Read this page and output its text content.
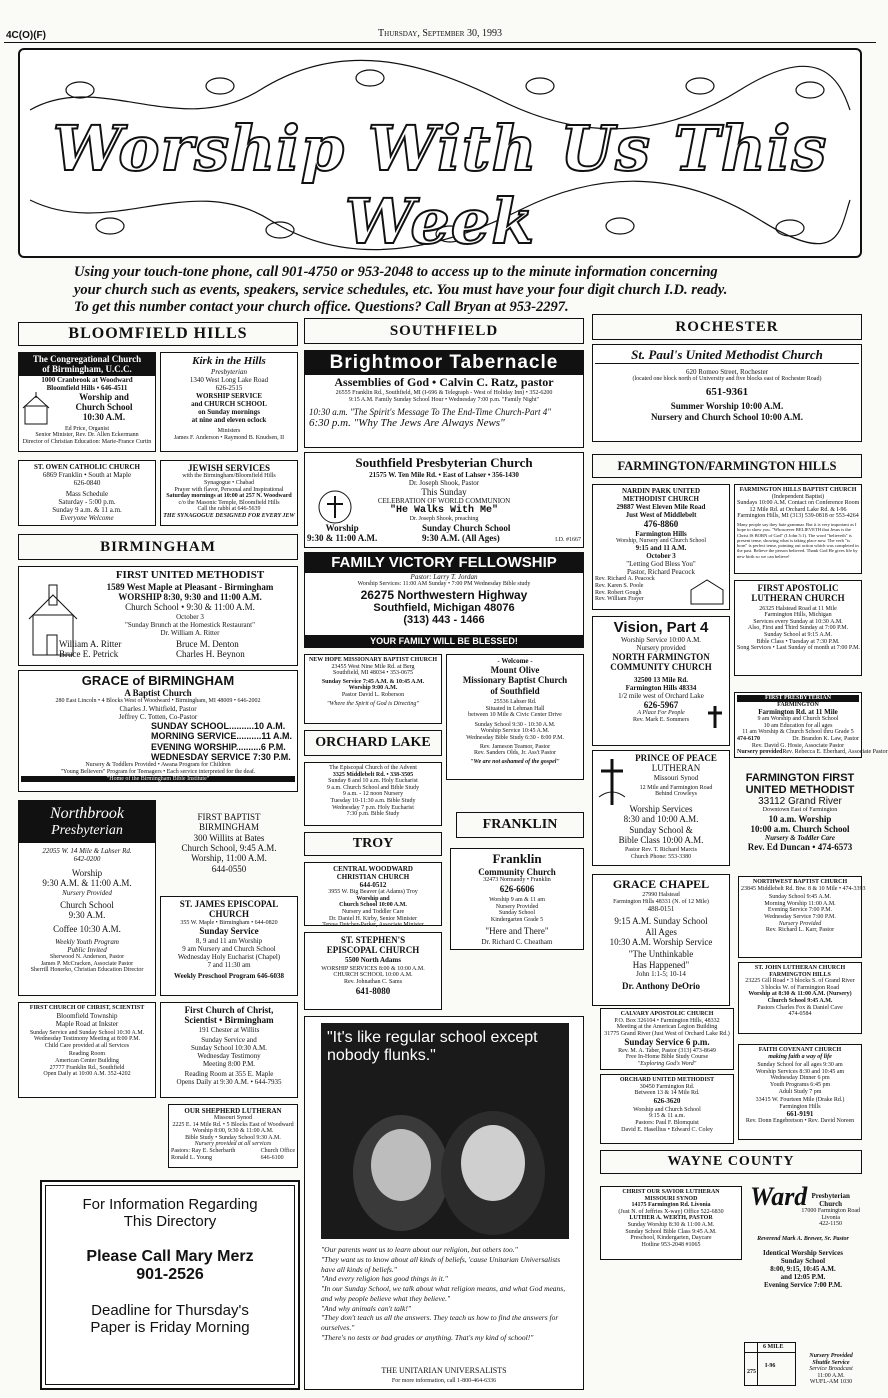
4C(O)(F)	Thursday, September 30, 1993
Worship With Us This Week
Using your touch-tone phone, call 901-4750 or 953-2048 to access up to the minute information concerning
your church such as events, speakers, service schedules, etc. You must have your four digit church I.D. ready.
To get this number contact your church office. Questions? Call Bryan at 953-2297.
BLOOMFIELD HILLS
The Congregational Church
of Birmingham, U.C.C.
1000 Cranbrook at Woodward
Bloomfield Hills • 646-4511
Worship and
Church School
10:30 A.M.
Ed Price, Organist
Senior Minister, Rev. Dr. Allen Eckermann
Director of Christian Education: Marie-France Curtin
Kirk in the Hills
Presbyterian
1340 West Long Lake Road
626-2515
WORSHIP SERVICE
and CHURCH SCHOOL
on Sunday mornings
at nine and eleven oclock
Ministers
James F. Anderson • Raymond B. Knudsen, II
ST. OWEN CATHOLIC CHURCH
6869 Franklin • South at Maple
626-0840
Mass Schedule
Saturday - 5:00 p.m.
Sunday 9 a.m. & 11 a.m.
Everyone Welcome
JEWISH SERVICES
with the Birmingham/Bloomfield Hills
Synagogue • Chabad
Prayer with flavor, Personal and Inspirational
Saturday mornings at 10:00 at 257 N. Woodward
c/o the Masonic Temple, Bloomfield Hills
Call the rabbi at 646-5639
THE SYNAGOGUE DESIGNED FOR EVERY JEW
BIRMINGHAM
FIRST UNITED METHODIST
1589 West Maple at Pleasant - Birmingham
WORSHIP 8:30, 9:30 and 11:00 A.M.
Church School • 9:30 & 11:00 A.M.
October 3
"Sunday Brunch at the Homestick Restaurant"
Dr. William A. Ritter
William A. Ritter	Bruce M. Denton
Bruce E. Petrick	Charles H. Beynon
GRACE of BIRMINGHAM
A Baptist Church
280 East Lincoln • 4 Blocks West of Woodward • Birmingham, MI 48009 • 646-2002
Charles J. Whitfield, Pastor
Jeffrey C. Totten, Co-Pastor
SUNDAY SCHOOL..........10 A.M.
MORNING SERVICE..........11 A.M.
EVENING WORSHIP..........6 P.M.
WEDNESDAY SERVICE 7:30 P.M.
Nursery & Toddlers Provided • Awana Program for Children
"Young Believers" Program for Teenagers • Each service interpreted for the deaf.
"Home of the Birmingham Bible Institute"
Northbrook
Presbyterian
22055 W. 14 Mile & Lahser Rd.
642-0200
Worship
9:30 A.M. & 11:00 A.M.
Nursery Provided
Church School
9:30 A.M.
Coffee 10:30 A.M.
Weekly Youth Program
Public Invited
Sherwood N. Anderson, Pastor
James P. McCracken, Associate Pastor
Sherrill Honerko, Christian Education Director
FIRST BAPTIST
BIRMINGHAM
300 Willits at Bates
Church School, 9:45 A.M.
Worship, 11:00 A.M.
644-0550
ST. JAMES EPISCOPAL
CHURCH
355 W. Maple • Birmingham • 644-0820
Sunday Service
8, 9 and 11 am Worship
9 am Nursery and Church School
Wednesday Holy Eucharist (Chapel)
7 and 11:30 am
Weekly Preschool Program 646-6038
FIRST CHURCH OF CHRIST, SCIENTIST
Bloomfield Township
Maple Road at Inkster
Sunday Service and Sunday School 10:30 A.M.
Wednesday Testimony Meeting at 8:00 P.M.
Child Care provided at all Services
Reading Room
American Center Building
27777 Franklin Rd., Southfield
Open Daily at 10:00 A.M. 352-4202
First Church of Christ,
Scientist • Birmingham
191 Chester at Willits
Sunday Service and
Sunday School 10:30 A.M.
Wednesday Testimony
Meeting 8:00 P.M.
Reading Room at 355 E. Maple
Opens Daily at 9:30 A.M. • 644-7935
OUR SHEPHERD LUTHERAN
Missouri Synod
2225 E. 14 Mile Rd. • 5 Blocks East of Woodward
Worship 8:00, 9:30 & 11:00 A.M.
Bible Study • Sunday School 9:30 A.M.
Nursery provided at all services
Pastors: Ray E. Scherbarth
Ronald L. Young
Church Office
646-6100
For Information Regarding
This Directory
Please Call Mary Merz
901-2526
Deadline for Thursday's
Paper is Friday Morning
SOUTHFIELD
Brightmoor Tabernacle
Assemblies of God • Calvin C. Ratz, pastor
26555 Franklin Rd., Southfield, MI (I-696 & Telegraph - West of Holiday Inn) • 352-6200
9:15 A.M. Family Sunday School Hour • Wednesday 7:00 p.m. "Family Night"
10:30 a.m. "The Spirit's Message To The End-Time Church-Part 4"
6:30 p.m. "Why The Jews Are Always News"
Southfield Presbyterian Church
21575 W. Ten Mile Rd. • East of Lahser • 356-1430
Dr. Joseph Shook, Pastor
This Sunday
CELEBRATION OF WORLD COMMUNION
"He Walks With Me"
Dr. Joseph Shook, preaching
Worship
9:30 & 11:00 A.M.
Sunday Church School
9:30 A.M. (All Ages)	I.D. #1667
FAMILY VICTORY FELLOWSHIP
Pastor: Larry T. Jordan
Worship Services: 11:00 AM Sunday • 7:00 PM Wednesday Bible study
26275 Northwestern Highway
Southfield, Michigan 48076
(313) 443 - 1466
YOUR FAMILY WILL BE BLESSED!
NEW HOPE MISSIONARY BAPTIST CHURCH
23455 West Nine Mile Rd. at Berg
Southfield, MI 48034 • 353-0675
Sunday Service 7:45 A.M. & 10:45 A.M.
Worship 9:00 A.M.
Pastor David L. Roberson
"Where the Spirit of God is Directing"
- Welcome -
Mount Olive
Missionary Baptist Church
of Southfield
25536 Lahser Rd.
Situated in Lehman Hall
between 10 Mile & Civic Center Drive
Sunday School 9:30 - 10:30 A.M.
Worship Service 10:45 A.M.
Wednesday Bible Study 6:30 - 8:00 P.M.
Rev. Jameson Teamor, Pastor
Rev. Sanders Olds, Jr. Ass't Pastor
"We are not ashamed of the gospel"
ORCHARD LAKE
The Episcopal Church of the Advent
3325 Middlebelt Rd. • 338-3505
Sunday 8 and 10 a.m. Holy Eucharist
9 a.m. Church School and Bible Study
9 a.m. - 12 noon Nursery
Tuesday 10-11:30 a.m. Bible Study
Wednesday 7 p.m. Holy Eucharist
7:30 p.m. Bible Study
FRANKLIN
TROY
CENTRAL WOODWARD
CHRISTIAN CHURCH
644-0512
3955 W. Big Beaver (at Adams) Troy
Worship and
Church School 10:00 A.M.
Nursery and Toddler Care
Dr. Daniel H. Kirby, Senior Minister
Teresa Dutcher-Parker, Associate Minister
Franklin
Community Church
32473 Normandy • Franklin
626-6606
Worship 9 am & 11 am
Nursery Provided
Sunday School
Kindergarten Grade 5
"Here and There"
Dr. Richard C. Cheatham
ST. STEPHEN'S
EPISCOPAL CHURCH
5500 North Adams
WORSHIP SERVICES 8:00 & 10:00 A.M.
CHURCH SCHOOL 10:00 A.M.
Rev. Johnathan C. Sams
641-8080
"It's like regular school except nobody flunks."
"Our parents want us to learn about our religion, but others too."
"They want us to know about all kinds of beliefs, 'cause Unitarian Universalists have all kinds of beliefs."
"And every religion has good things in it."
"In our Sunday School, we talk about what religion means, and what God means, and why people believe what they believe."
"And why animals can't talk!"
"They don't teach us all the answers. They teach us how to find the answers for ourselves."
"There's no tests or bad grades or anything. That's my kind of school!"
THE UNITARIAN UNIVERSALISTS
For more information, call 1-800-464-6336
ROCHESTER
St. Paul's United Methodist Church
620 Romeo Street, Rochester
(located one block north of University and five blocks east of Rochester Road)
651-9361
Summer Worship 10:00 A.M.
Nursery and Church School 10:00 A.M.
FARMINGTON/FARMINGTON HILLS
NARDIN PARK UNITED
METHODIST CHURCH
29887 West Eleven Mile Road
Just West of Middlebelt
476-8860
Farmington Hills
Worship, Nursery and Church School
9:15 and 11 A.M.
October 3
"Letting God Bless You"
Pastor, Richard Peacock
Rev. Richard A. Peacock
Rev. Karen S. Poole
Rev. Robert Gough
Rev. William Frayer
FARMINGTON HILLS BAPTIST CHURCH
(Independent Baptist)
Sundays 10:00 A.M. Contact on Conference Room
12 Mile Rd. at Orchard Lake Rd. & I-96
Farmington Hills, MI (313) 539-0818 or 553-4264
Many people say they hate grammar. But it is very important as I hope to show you. "Whosoever BELIEVETH that Jesus is the Christ IS BORN of God" (I John 5:1). The word "believeth" is present tense, showing what is taking place now. The verb "is born" is perfect tense, pointing out action which was completed in the past. Believe the person believed. Thank God He gives life by new birth so we can believe!
FIRST APOSTOLIC
LUTHERAN CHURCH
26325 Halstead Road at 11 Mile
Farmington Hills, Michigan
Services every Sunday at 10:30 A.M.
Also, First and Third Sunday at 7:00 P.M.
Sunday School at 9:15 A.M.
Bible Class • Tuesday at 7:30 P.M.
Song Services • Last Sunday of month at 7:00 P.M.
Vision, Part 4
Worship Service 10:00 A.M.
Nursery provided
NORTH FARMINGTON
COMMUNITY CHURCH
32500 13 Mile Rd.
Farmington Hills 48334
1/2 mile west of Orchard Lake
626-5967
A Place For People
Rev. Mark E. Sommers
FIRST PRESBYTERIAN
FARMINGTON
Farmington Rd. at 11 Mile
9 am Worship and Church School
10 am Education for all ages
11 am Worship & Church School thru Grade 5
474-6170	Dr. Brandon K. Law, Pastor
Rev. David G. Hosie, Associate Pastor
Nursery provided Rev. Rebecca E. Eberhard, Associate Pastor
PRINCE OF PEACE
LUTHERAN
Missouri Synod
12 Mile and Farmington Road
Behind Crowleys
Worship Services
8:30 and 10:00 A.M.
Sunday School &
Bible Class 10:00 A.M.
Pastor Rev. T. Richard Marcis
Church Phone: 553-3380
FARMINGTON FIRST
UNITED METHODIST
33112 Grand River
Downtown East of Farmington
10 a.m. Worship
10:00 a.m. Church School
Nursery & Toddler Care
Rev. Ed Duncan • 474-6573
GRACE CHAPEL
27990 Halstead
Farmington Hills 48331 (N. of 12 Mile)
488-0151
9:15 A.M. Sunday School
All Ages
10:30 A.M. Worship Service
"The Unthinkable
Has Happened"
John 1:1-5; 10-14
Dr. Anthony DeOrio
NORTHWEST BAPTIST CHURCH
23845 Middlebelt Rd. Btw. 8 & 10 Mile • 474-3393
Sunday School 9:45 A.M.
Morning Worship 11:00 A.M.
Evening Service 7:00 P.M.
Wednesday Service 7:00 P.M.
Nursery Provided
Rev. Richard L. Karr, Pastor
ST. JOHN LUTHERAN CHURCH
FARMINGTON HILLS
23225 Gill Road • 3 blocks S. of Grand River
3 blocks W. of Farmington Road
Worship at 8:30 & 11:00 A.M. (Nursery)
Church School 9:45 A.M.
Pastors Charles Fox & Daniel Cave
474-0584
CALVARY APOSTOLIC CHURCH
P.O. Box 326104 • Farmington Hills, 48332
Meeting at the American Legion Building
31775 Grand River (Just West of Orchard Lake Rd.)
Sunday Service 6 p.m.
Rev. M. A. Taber, Pastor (313) 473-8649
Free In-Home Bible Study Course
"Exploring God's Word"
FAITH COVENANT CHURCH
making faith a way of life
Sunday School for all ages 9:30 am
Worship Services 8:30 and 10:45 am
Wednesday Dinner 6 pm
Youth Programs 6:45 pm
Adult Study 7 pm
33415 W. Fourteen Mile (Drake Rd.)
Farmington Hills
661-9191
Rev. Donn Engebretson • Rev. David Noreen
ORCHARD UNITED METHODIST
30450 Farmington Rd.
Between 13 & 14 Mile Rd.
626-3620
Worship and Church School
9:15 & 11 a.m.
Pastors: Paul F. Blomquist
David E. Hasellius • Edward C. Coley
WAYNE COUNTY
CHRIST OUR SAVIOR LUTHERAN
MISSOURI SYNOD
14175 Farmington Rd. Livonia
(Just N. of Jeffries X-way) Office 522-6830
LUTHER A. WERTH, PASTOR
Sunday Worship 8:30 & 11:00 A.M.
Sunday School Bible Class 9:45 A.M.
Preschool, Kindergarten, Daycare
Hotline 953-2048 #1065
Ward Presbyterian
Church
17000 Farmington Road
Livonia
422-1150
Reverend Mark A. Brewer, Sr. Pastor
Identical Worship Services
Sunday School
8:00, 9:15, 10:45 A.M.
and 12:05 P.M.
Evening Service 7:00 P.M.
6 MILE
I-96
275
Nursery Provided
Shuttle Service
Service Broadcast
11:00 A.M.
WUFL-AM 1030
